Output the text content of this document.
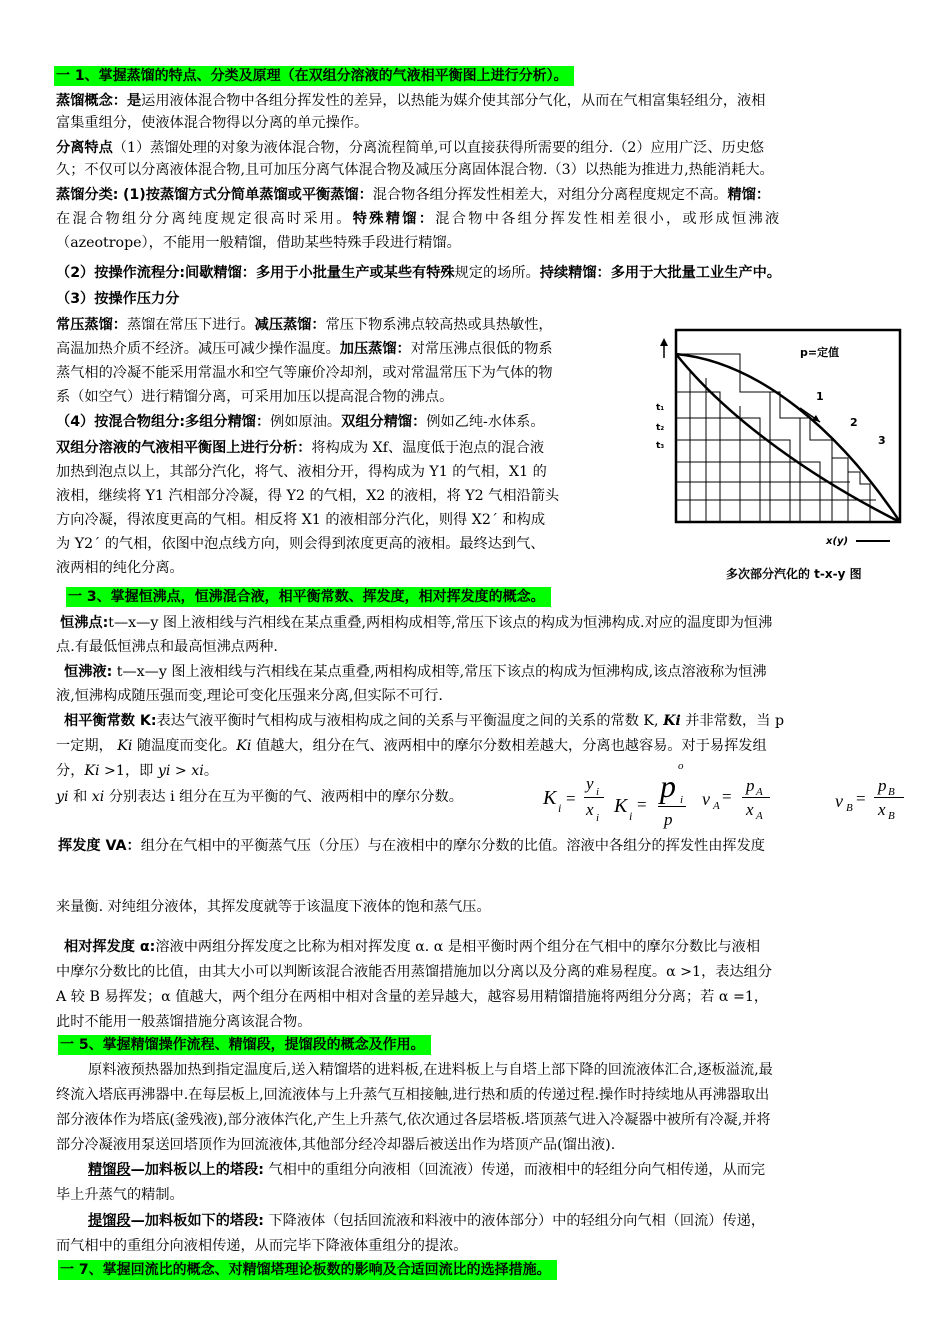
一 1、掌握蒸馏的特点、分类及原理（在双组分溶液的气液相平衡图上进行分析）。
蒸馏概念：是运用液体混合物中各组分挥发性的差异，以热能为媒介使其部分气化，从而在气相富集轻组分，液相
富集重组分，使液体混合物得以分离的单元操作。
分离特点（1）蒸馏处理的对象为液体混合物，分离流程简单,可以直接获得所需要的组分.（2）应用广泛、历史悠
久；不仅可以分离液体混合物,且可加压分离气体混合物及减压分离固体混合物.（3）以热能为推进力,热能消耗大。
蒸馏分类: (1)按蒸馏方式分简单蒸馏或平衡蒸馏：混合物各组分挥发性相差大，对组分分离程度规定不高。精馏：
在混合物组分分离纯度规定很高时采用。特殊精馏：混合物中各组分挥发性相差很小，或形成恒沸液
（azeotrope），不能用一般精馏，借助某些特殊手段进行精馏。
（2）按操作流程分:间歇精馏：多用于小批量生产或某些有特殊规定的场所。持续精馏：多用于大批量工业生产中。
（3）按操作压力分
常压蒸馏：蒸馏在常压下进行。减压蒸馏：常压下物系沸点较高热或具热敏性，
高温加热介质不经济。减压可减少操作温度。加压蒸馏：对常压沸点很低的物系
蒸气相的冷凝不能采用常温水和空气等廉价冷却剂，或对常温常压下为气体的物
系（如空气）进行精馏分离，可采用加压以提高混合物的沸点。
（4）按混合物组分:多组分精馏：例如原油。双组分精馏：例如乙纯-水体系。
双组分溶液的气液相平衡图上进行分析：将构成为 Xf、温度低于泡点的混合液
加热到泡点以上，其部分汽化，将气、液相分开，得构成为 Y1 的气相，X1 的
液相，继续将 Y1 汽相部分冷凝，得 Y2 的气相，X2 的液相，将 Y2 气相沿箭头
方向冷凝，得浓度更高的气相。相反将 X1 的液相部分汽化，则得 X2´ 和构成
为 Y2´ 的气相，依图中泡点线方向，则会得到浓度更高的液相。最终达到气、
液两相的纯化分离。
p=定值
1
2
3
t₁
t₂
t₃
x(y)
多次部分汽化的 t-x-y 图
一 3、掌握恒沸点，恒沸混合液，相平衡常数、挥发度，相对挥发度的概念。
恒沸点:t—x—y 图上液相线与汽相线在某点重叠,两相构成相等,常压下该点的构成为恒沸构成.对应的温度即为恒沸
点.有最低恒沸点和最高恒沸点两种.
恒沸液: t—x—y 图上液相线与汽相线在某点重叠,两相构成相等,常压下该点的构成为恒沸构成,该点溶液称为恒沸
液,恒沸构成随压强而变,理论可变化压强来分离,但实际不可行.
相平衡常数 K:表达气液平衡时气相构成与液相构成之间的关系与平衡温度之间的关系的常数 K, Ki 并非常数，当 p
一定期， Ki 随温度而变化。Ki 值越大，组分在气、液两相中的摩尔分数相差越大，分离也越容易。对于易挥发组
分，Ki >1，即 yi > xi。
yi 和 xi 分别表达 i 组分在互为平衡的气、液两相中的摩尔分数。	K i =
y i
x i
K i
=
o
p i
p
ν A =
p A
x A
ν B =
p B
x B
挥发度 VA：组分在气相中的平衡蒸气压（分压）与在液相中的摩尔分数的比值。溶液中各组分的挥发性由挥发度
来量衡. 对纯组分液体，其挥发度就等于该温度下液体的饱和蒸气压。
相对挥发度 α:溶液中两组分挥发度之比称为相对挥发度 α. α 是相平衡时两个组分在气相中的摩尔分数比与液相
中摩尔分数比的比值，由其大小可以判断该混合液能否用蒸馏措施加以分离以及分离的难易程度。α >1，表达组分
A 较 B 易挥发；α 值越大，两个组分在两相中相对含量的差异越大，越容易用精馏措施将两组分分离；若 α =1，
此时不能用一般蒸馏措施分离该混合物。
一 5、掌握精馏操作流程、精馏段，提馏段的概念及作用。
原料液预热器加热到指定温度后,送入精馏塔的进料板,在进料板上与自塔上部下降的回流液体汇合,逐板溢流,最
终流入塔底再沸器中.在每层板上,回流液体与上升蒸气互相接触,进行热和质的传递过程.操作时持续地从再沸器取出
部分液体作为塔底(釜残液),部分液体汽化,产生上升蒸气,依次通过各层塔板.塔顶蒸气进入冷凝器中被所有冷凝,并将
部分冷凝液用泵送回塔顶作为回流液体,其他部分经冷却器后被送出作为塔顶产品(馏出液).
精馏段—加料板以上的塔段: 气相中的重组分向液相（回流液）传递，而液相中的轻组分向气相传递，从而完
毕上升蒸气的精制。
提馏段—加料板如下的塔段: 下降液体（包括回流液和料液中的液体部分）中的轻组分向气相（回流）传递，
而气相中的重组分向液相传递，从而完毕下降液体重组分的提浓。
一 7、掌握回流比的概念、对精馏塔理论板数的影响及合适回流比的选择措施。
